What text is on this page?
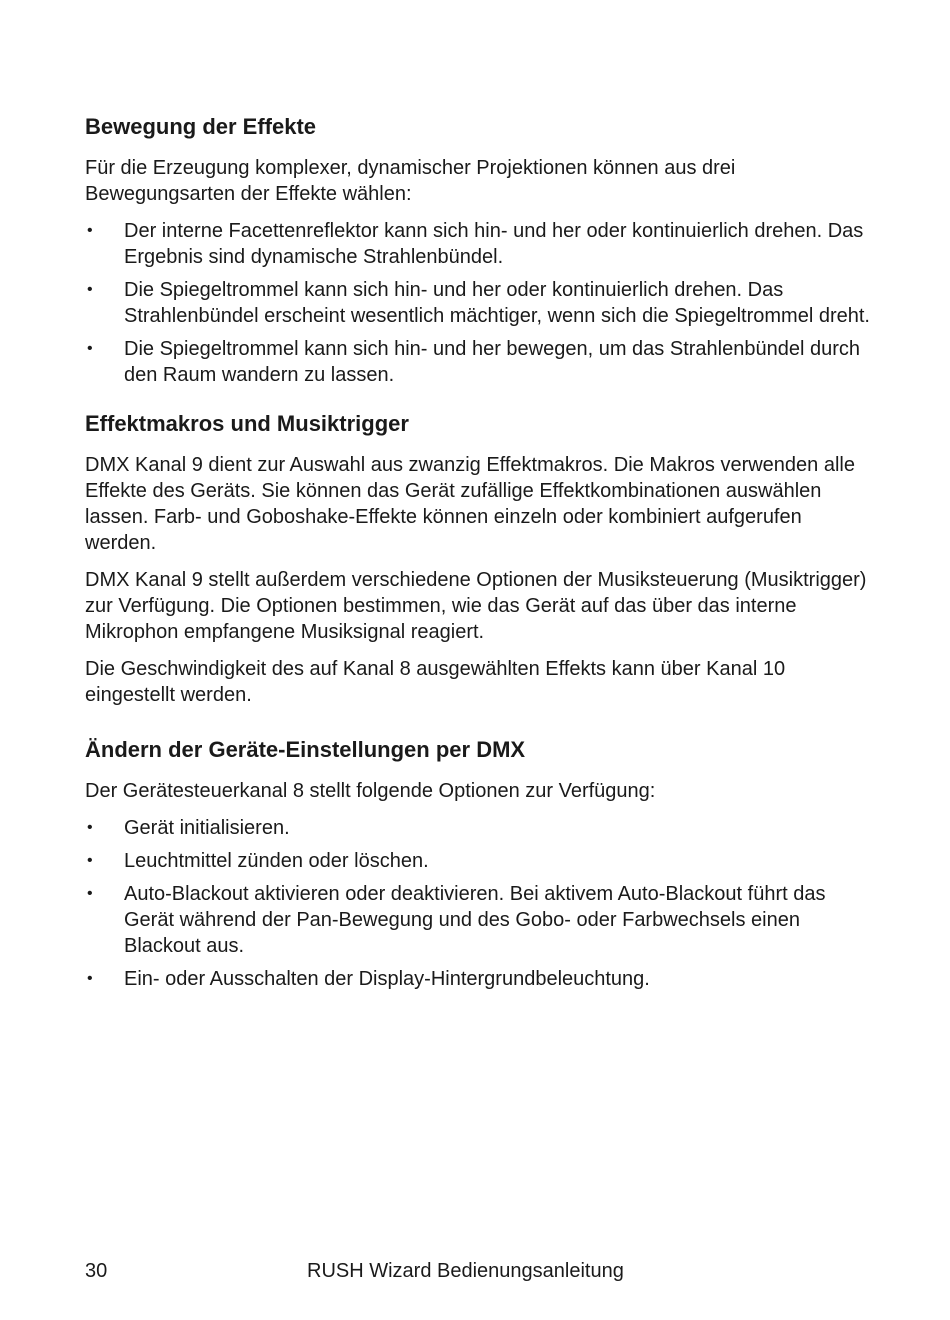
Bewegung der Effekte

Für die Erzeugung komplexer, dynamischer Projektionen können aus drei Bewegungsarten der Effekte wählen:

• Der interne Facettenreflektor kann sich hin- und her oder kontinuierlich drehen. Das Ergebnis sind dynamische Strahlenbündel.
• Die Spiegeltrommel kann sich hin- und her oder kontinuierlich drehen. Das Strahlenbündel erscheint wesentlich mächtiger, wenn sich die Spiegeltrommel dreht.
• Die Spiegeltrommel kann sich hin- und her bewegen, um das Strahlenbündel durch den Raum wandern zu lassen.
Effektmakros und Musiktrigger

DMX Kanal 9 dient zur Auswahl aus zwanzig Effektmakros. Die Makros verwenden alle Effekte des Geräts. Sie können das Gerät zufällige Effektkombinationen auswählen lassen. Farb- und Goboshake-Effekte können einzeln oder kombiniert aufgerufen werden.

DMX Kanal 9 stellt außerdem verschiedene Optionen der Musiksteuerung (Musiktrigger) zur Verfügung. Die Optionen bestimmen, wie das Gerät auf das über das interne Mikrophon empfangene Musiksignal reagiert.

Die Geschwindigkeit des auf Kanal 8 ausgewählten Effekts kann über Kanal 10 eingestellt werden.

Ändern der Geräte-Einstellungen per DMX

Der Gerätesteuerkanal 8 stellt folgende Optionen zur Verfügung:

• Gerät initialisieren.
• Leuchtmittel zünden oder löschen.
• Auto-Blackout aktivieren oder deaktivieren. Bei aktivem Auto-Blackout führt das Gerät während der Pan-Bewegung und des Gobo- oder Farbwechsels einen Blackout aus.
• Ein- oder Ausschalten der Display-Hintergrundbeleuchtung.
30	RUSH Wizard Bedienungsanleitung
